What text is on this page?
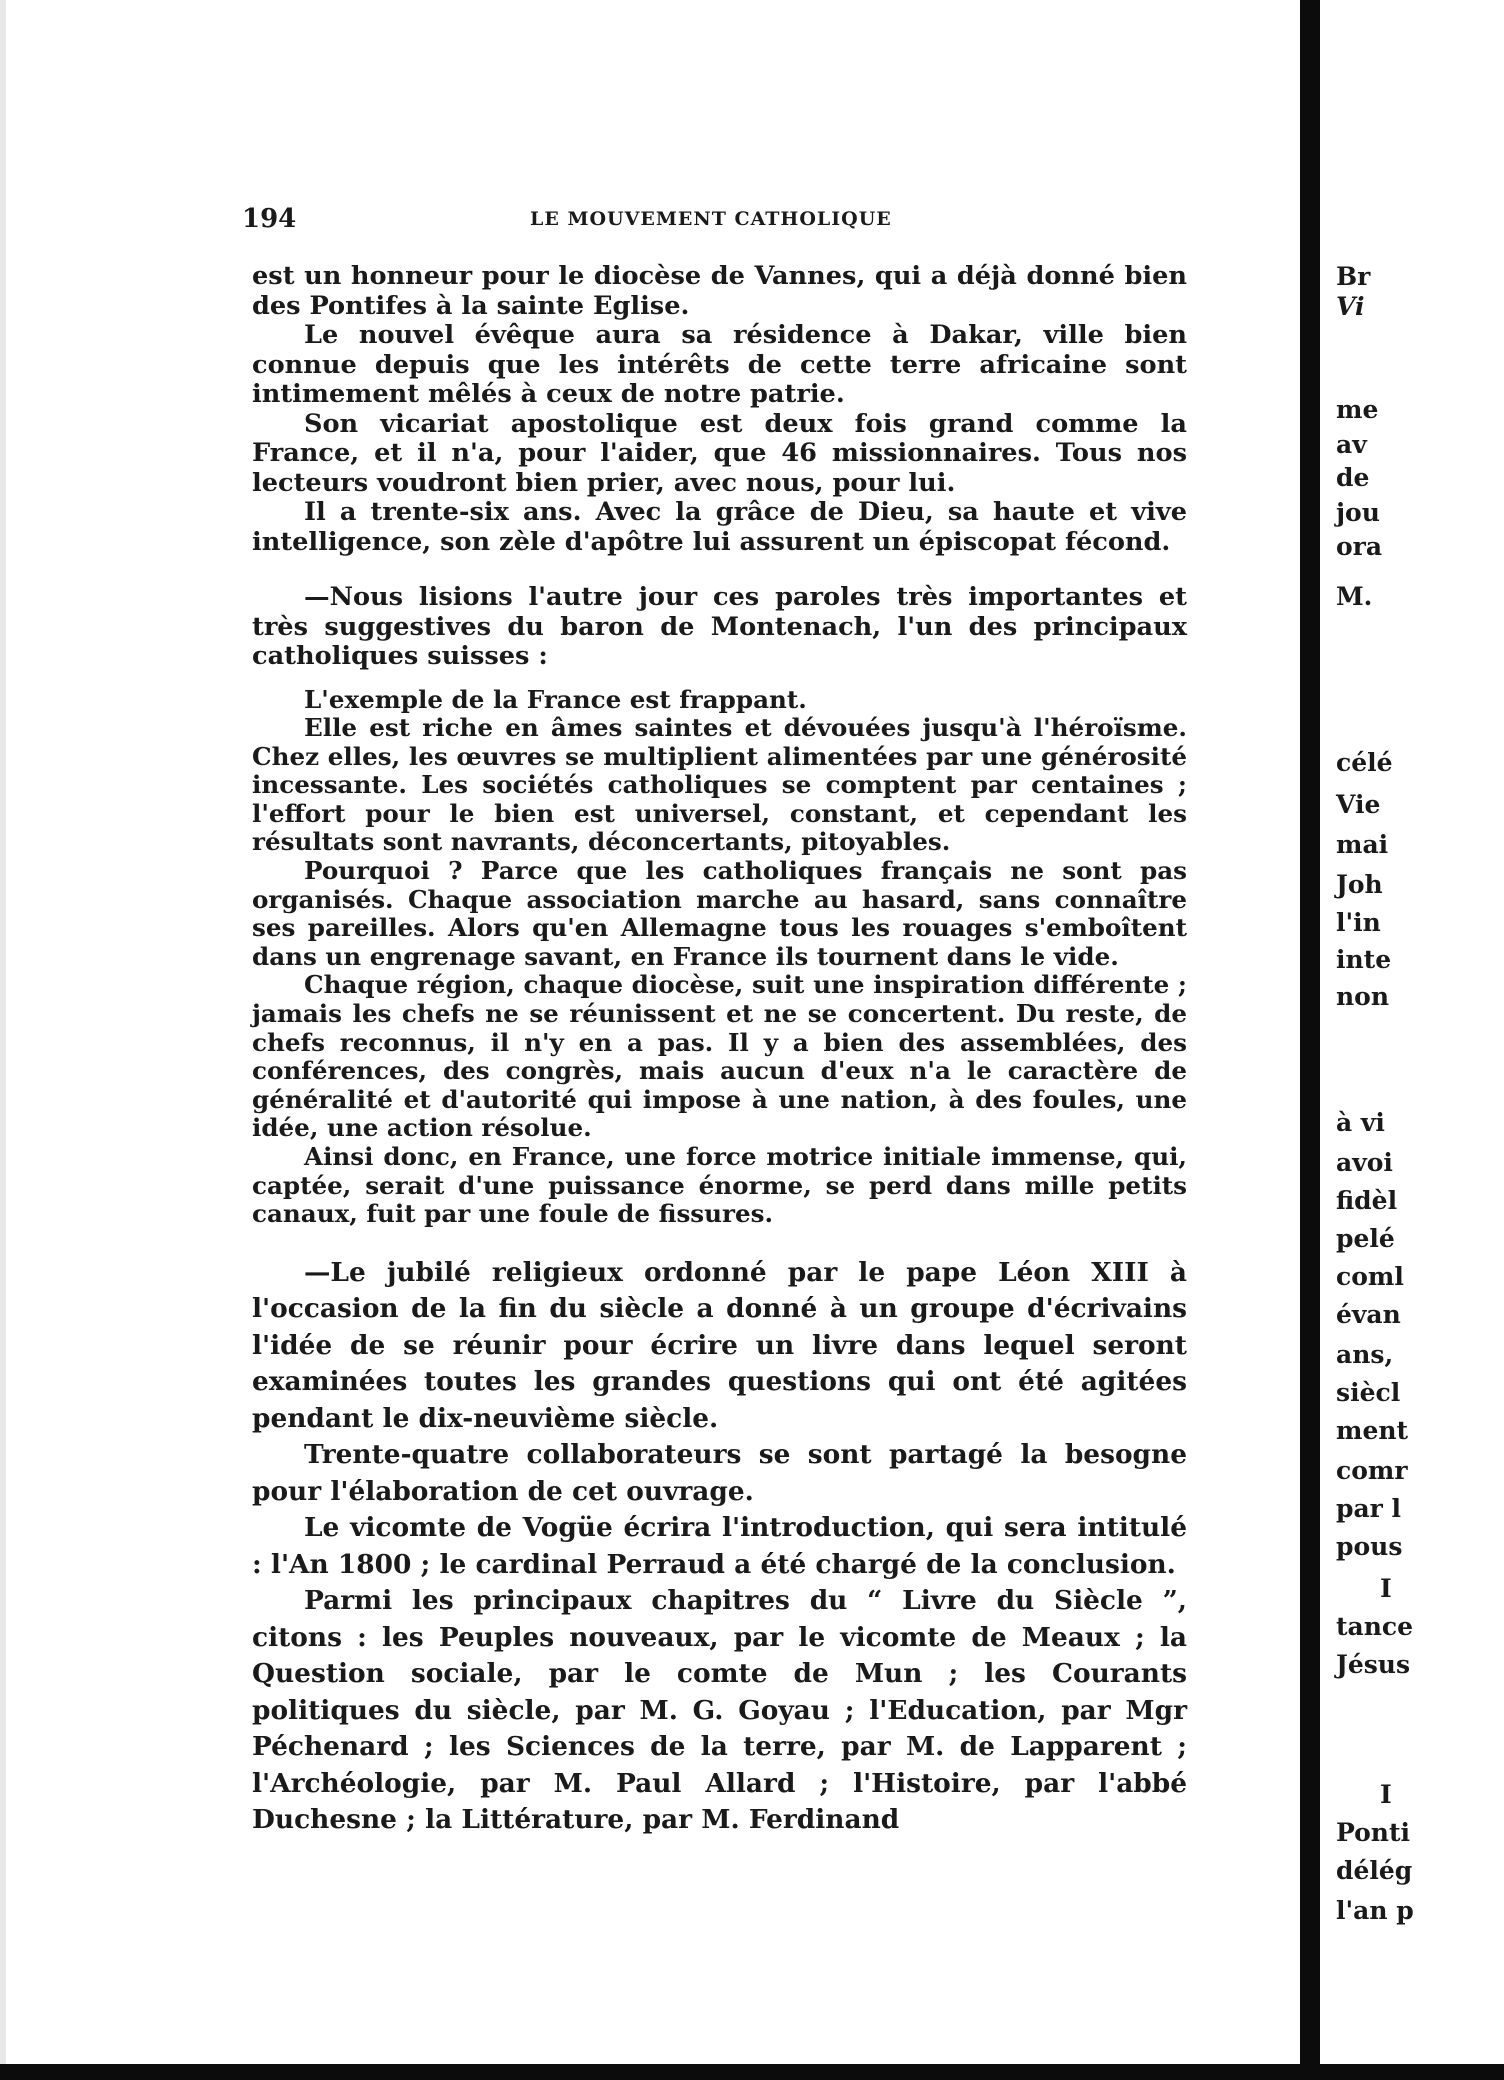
194	LE MOUVEMENT CATHOLIQUE

est un honneur pour le diocèse de Vannes, qui a déjà donné bien des Pontifes à la sainte Eglise.

Le nouvel évêque aura sa résidence à Dakar, ville bien connue depuis que les intérêts de cette terre africaine sont intimement mêlés à ceux de notre patrie.

Son vicariat apostolique est deux fois grand comme la France, et il n'a, pour l'aider, que 46 missionnaires. Tous nos lecteurs voudront bien prier, avec nous, pour lui.

Il a trente-six ans. Avec la grâce de Dieu, sa haute et vive intelligence, son zèle d'apôtre lui assurent un épiscopat fécond.

—Nous lisions l'autre jour ces paroles très importantes et très suggestives du baron de Montenach, l'un des principaux catholiques suisses :

L'exemple de la France est frappant.

Elle est riche en âmes saintes et dévouées jusqu'à l'héroïsme. Chez elles, les œuvres se multiplient alimentées par une générosité incessante. Les sociétés catholiques se comptent par centaines ; l'effort pour le bien est universel, constant, et cependant les résultats sont navrants, déconcertants, pitoyables.

Pourquoi ? Parce que les catholiques français ne sont pas organisés. Chaque association marche au hasard, sans connaître ses pareilles. Alors qu'en Allemagne tous les rouages s'emboîtent dans un engrenage savant, en France ils tournent dans le vide.

Chaque région, chaque diocèse, suit une inspiration différente ; jamais les chefs ne se réunissent et ne se concertent. Du reste, de chefs reconnus, il n'y en a pas. Il y a bien des assemblées, des conférences, des congrès, mais aucun d'eux n'a le caractère de généralité et d'autorité qui impose à une nation, à des foules, une idée, une action résolue.

Ainsi donc, en France, une force motrice initiale immense, qui, captée, serait d'une puissance énorme, se perd dans mille petits canaux, fuit par une foule de fissures.

—Le jubilé religieux ordonné par le pape Léon XIII à l'occasion de la fin du siècle a donné à un groupe d'écrivains l'idée de se réunir pour écrire un livre dans lequel seront examinées toutes les grandes questions qui ont été agitées pendant le dix-neuvième siècle.

Trente-quatre collaborateurs se sont partagé la besogne pour l'élaboration de cet ouvrage.

Le vicomte de Vogüe écrira l'introduction, qui sera intitulé : l'An 1800 ; le cardinal Perraud a été chargé de la conclusion.

Parmi les principaux chapitres du “ Livre du Siècle ”, citons : les Peuples nouveaux, par le vicomte de Meaux ; la Question sociale, par le comte de Mun ; les Courants politiques du siècle, par M. G. Goyau ; l'Education, par Mgr Péchenard ; les Sciences de la terre, par M. de Lapparent ; l'Archéologie, par M. Paul Allard ; l'Histoire, par l'abbé Duchesne ; la Littérature, par M. Ferdinand

Br
Vi
me
av
de
jou
ora
M.
célé
Vie
mai
Joh
l'in
inte
non
à vi
avoi
fidèl
pelé
coml
évan
ans,
siècl
ment
comr
par l
pous
I
tance
Jésus
I
Ponti
délég
l'an p
